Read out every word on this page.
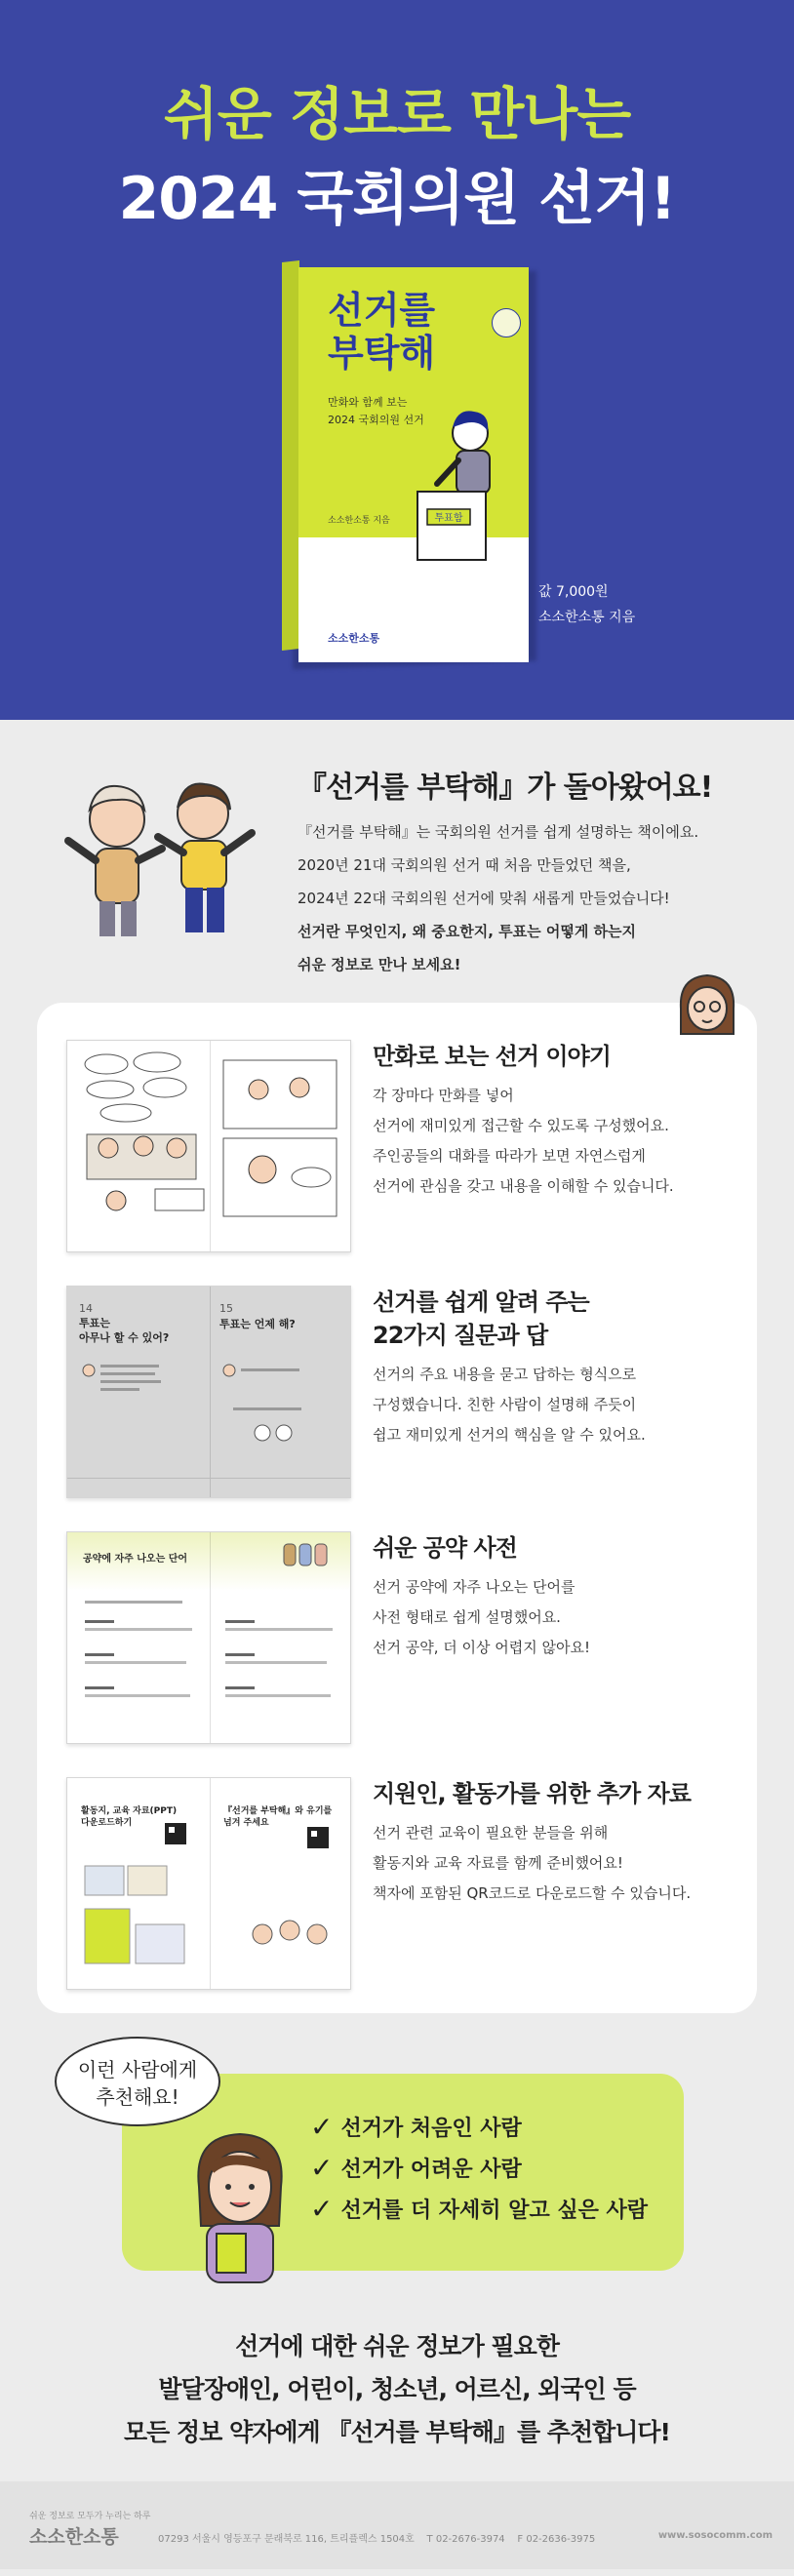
쉬운 정보로 만나는
2024 국회의원 선거!
선거를
부탁해
만화와 함께 보는
2024 국회의원 선거
소소한소통 지음	투표함
소소한소통
값 7,000원
소소한소통 지음
『선거를 부탁해』가 돌아왔어요!

『선거를 부탁해』는 국회의원 선거를 쉽게 설명하는 책이에요.

2020년 21대 국회의원 선거 때 처음 만들었던 책을,

2024년 22대 국회의원 선거에 맞춰 새롭게 만들었습니다!

선거란 무엇인지, 왜 중요한지, 투표는 어떻게 하는지

쉬운 정보로 만나 보세요!

만화로 보는 선거 이야기
각 장마다 만화를 넣어
선거에 재미있게 접근할 수 있도록 구성했어요.
주인공들의 대화를 따라가 보면 자연스럽게
선거에 관심을 갖고 내용을 이해할 수 있습니다.
14
투표는
아무나 할 수 있어?
15
투표는 언제 해?
선거를 쉽게 알려 주는
22가지 질문과 답
선거의 주요 내용을 묻고 답하는 형식으로
구성했습니다. 친한 사람이 설명해 주듯이
쉽고 재미있게 선거의 핵심을 알 수 있어요.
공약에 자주 나오는 단어	쉬운 공약 사전
선거 공약에 자주 나오는 단어를
사전 형태로 쉽게 설명했어요.
선거 공약, 더 이상 어렵지 않아요!
활동지, 교육 자료(PPT)
다운로드하기
『선거를 부탁해』와 유기를
넘겨 주세요
지원인, 활동가를 위한 추가 자료
선거 관련 교육이 필요한 분들을 위해
활동지와 교육 자료를 함께 준비했어요!
책자에 포함된 QR코드로 다운로드할 수 있습니다.
이런 사람에게
추천해요!
✓ 선거가 처음인 사람
✓ 선거가 어려운 사람
✓ 선거를 더 자세히 알고 싶은 사람

선거에 대한 쉬운 정보가 필요한

발달장애인, 어린이, 청소년, 어르신, 외국인 등

모든 정보 약자에게 『선거를 부탁해』를 추천합니다!

쉬운 정보로 모두가 누리는 하루
소소한소통	07293 서울시 영등포구 문래북로 116, 트리플렉스 1504호 T 02-2676-3974 F 02-2636-3975	www.sosocomm.com
